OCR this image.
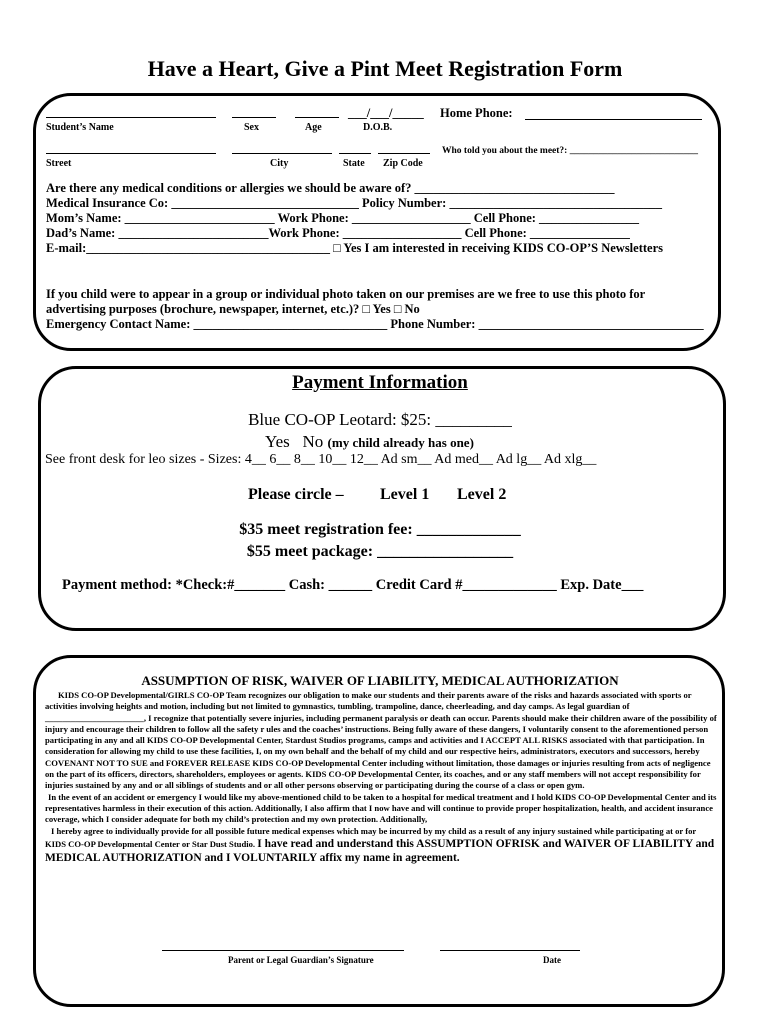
Have a Heart, Give a Pint Meet Registration Form
___/___/_____ Home Phone:
Student’s Name	Sex	Age	D.O.B.
Who told you about the meet?: ___________________________
Street	City	State Zip Code
Are there any medical conditions or allergies we should be aware of? ________________________________
Medical Insurance Co: ______________________________ Policy Number: __________________________________
Mom’s Name: ________________________ Work Phone: ___________________ Cell Phone: ________________
Dad’s Name: ________________________Work Phone: ___________________ Cell Phone: ________________
E-mail:_______________________________________ □ Yes I am interested in receiving KIDS CO-OP’S Newsletters
If you child were to appear in a group or individual photo taken on our premises are we free to use this photo for
advertising purposes (brochure, newspaper, internet, etc.)? □ Yes □ No
Emergency Contact Name: _______________________________ Phone Number: ____________________________________
Payment Information
Blue CO-OP Leotard: $25: _________
Yes No (my child already has one)
See front desk for leo sizes - Sizes: 4__ 6__ 8__ 10__ 12__ Ad sm__ Ad med__ Ad lg__ Ad xlg__
Please circle – Level 1 Level 2
$35 meet registration fee: _____________
$55 meet package: _________________
Payment method: *Check:#_______ Cash: ______ Credit Card #_____________ Exp. Date___
ASSUMPTION OF RISK, WAIVER OF LIABILITY, MEDICAL AUTHORIZATION

KIDS CO-OP Developmental/GIRLS CO-OP Team recognizes our obligation to make our students and their parents aware of the risks and hazards associated with sports or activities involving heights and motion, including but not limited to gymnastics, tumbling, trampoline, dance, cheerleading, and day camps. As legal guardian of _______________________, I recognize that potentially severe injuries, including permanent paralysis or death can occur. Parents should make their children aware of the possibility of injury and encourage their children to follow all the safety r ules and the coaches’ instructions. Being fully aware of these dangers, I voluntarily consent to the aforementioned person participating in any and all KIDS CO-OP Developmental Center, Stardust Studios programs, camps and activities and I ACCEPT ALL RISKS associated with that participation. In consideration for allowing my child to use these facilities, I, on my own behalf and the behalf of my child and our respective heirs, administrators, executors and successors, hereby COVENANT NOT TO SUE and FOREVER RELEASE KIDS CO-OP Developmental Center including without limitation, those damages or injuries resulting from acts of negligence on the part of its officers, directors, shareholders, employees or agents. KIDS CO-OP Developmental Center, its coaches, and or any staff members will not accept responsibility for injuries sustained by any and or all siblings of students and or all other persons observing or participating during the course of a class or open gym.

In the event of an accident or emergency I would like my above-mentioned child to be taken to a hospital for medical treatment and I hold KIDS CO-OP Developmental Center and its representatives harmless in their execution of this action. Additionally, I also affirm that I now have and will continue to provide proper hospitalization, health, and accident insurance coverage, which I consider adequate for both my child’s protection and my own protection. Additionally,

I hereby agree to individually provide for all possible future medical expenses which may be incurred by my child as a result of any injury sustained while participating at or for KIDS CO-OP Developmental Center or Star Dust Studio. I have read and understand this ASSUMPTION OFRISK and WAIVER OF LIABILITY and MEDICAL AUTHORIZATION and I VOLUNTARILY affix my name in agreement.

Parent or Legal Guardian’s Signature	Date
